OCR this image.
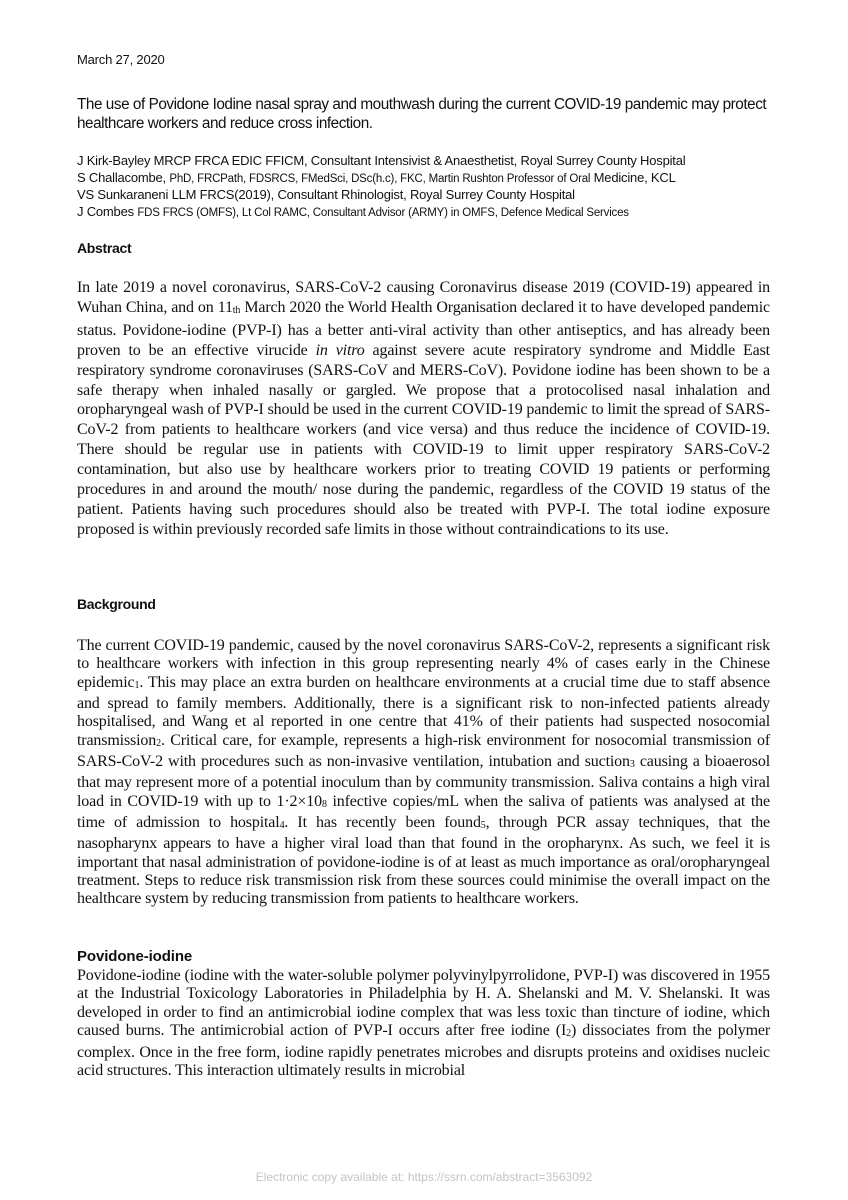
March 27, 2020
The use of Povidone Iodine nasal spray and mouthwash during the current COVID-19 pandemic may protect healthcare workers and reduce cross infection.
J Kirk-Bayley MRCP FRCA EDIC FFICM, Consultant Intensivist & Anaesthetist, Royal Surrey County Hospital
S Challacombe, PhD, FRCPath, FDSRCS, FMedSci, DSc(h.c), FKC, Martin Rushton Professor of Oral Medicine, KCL
VS Sunkaraneni LLM FRCS(2019), Consultant Rhinologist, Royal Surrey County Hospital
J Combes FDS FRCS (OMFS), Lt Col RAMC, Consultant Advisor (ARMY) in OMFS, Defence Medical Services
Abstract
In late 2019 a novel coronavirus, SARS-CoV-2 causing Coronavirus disease 2019 (COVID-19) appeared in Wuhan China, and on 11th March 2020 the World Health Organisation declared it to have developed pandemic status. Povidone-iodine (PVP-I) has a better anti-viral activity than other antiseptics, and has already been proven to be an effective virucide in vitro against severe acute respiratory syndrome and Middle East respiratory syndrome coronaviruses (SARS-CoV and MERS-CoV). Povidone iodine has been shown to be a safe therapy when inhaled nasally or gargled. We propose that a protocolised nasal inhalation and oropharyngeal wash of PVP-I should be used in the current COVID-19 pandemic to limit the spread of SARS-CoV-2 from patients to healthcare workers (and vice versa) and thus reduce the incidence of COVID-19. There should be regular use in patients with COVID-19 to limit upper respiratory SARS-CoV-2 contamination, but also use by healthcare workers prior to treating COVID 19 patients or performing procedures in and around the mouth/ nose during the pandemic, regardless of the COVID 19 status of the patient. Patients having such procedures should also be treated with PVP-I. The total iodine exposure proposed is within previously recorded safe limits in those without contraindications to its use.
Background
The current COVID-19 pandemic, caused by the novel coronavirus SARS-CoV-2, represents a significant risk to healthcare workers with infection in this group representing nearly 4% of cases early in the Chinese epidemic1. This may place an extra burden on healthcare environments at a crucial time due to staff absence and spread to family members. Additionally, there is a significant risk to non-infected patients already hospitalised, and Wang et al reported in one centre that 41% of their patients had suspected nosocomial transmission2. Critical care, for example, represents a high-risk environment for nosocomial transmission of SARS-CoV-2 with procedures such as non-invasive ventilation, intubation and suction3 causing a bioaerosol that may represent more of a potential inoculum than by community transmission. Saliva contains a high viral load in COVID-19 with up to 1·2×108 infective copies/mL when the saliva of patients was analysed at the time of admission to hospital4. It has recently been found5, through PCR assay techniques, that the nasopharynx appears to have a higher viral load than that found in the oropharynx. As such, we feel it is important that nasal administration of povidone-iodine is of at least as much importance as oral/oropharyngeal treatment. Steps to reduce risk transmission risk from these sources could minimise the overall impact on the healthcare system by reducing transmission from patients to healthcare workers.
Povidone-iodine
Povidone-iodine (iodine with the water-soluble polymer polyvinylpyrrolidone, PVP-I) was discovered in 1955 at the Industrial Toxicology Laboratories in Philadelphia by H. A. Shelanski and M. V. Shelanski. It was developed in order to find an antimicrobial iodine complex that was less toxic than tincture of iodine, which caused burns. The antimicrobial action of PVP-I occurs after free iodine (I2) dissociates from the polymer complex. Once in the free form, iodine rapidly penetrates microbes and disrupts proteins and oxidises nucleic acid structures. This interaction ultimately results in microbial
Electronic copy available at: https://ssrn.com/abstract=3563092
